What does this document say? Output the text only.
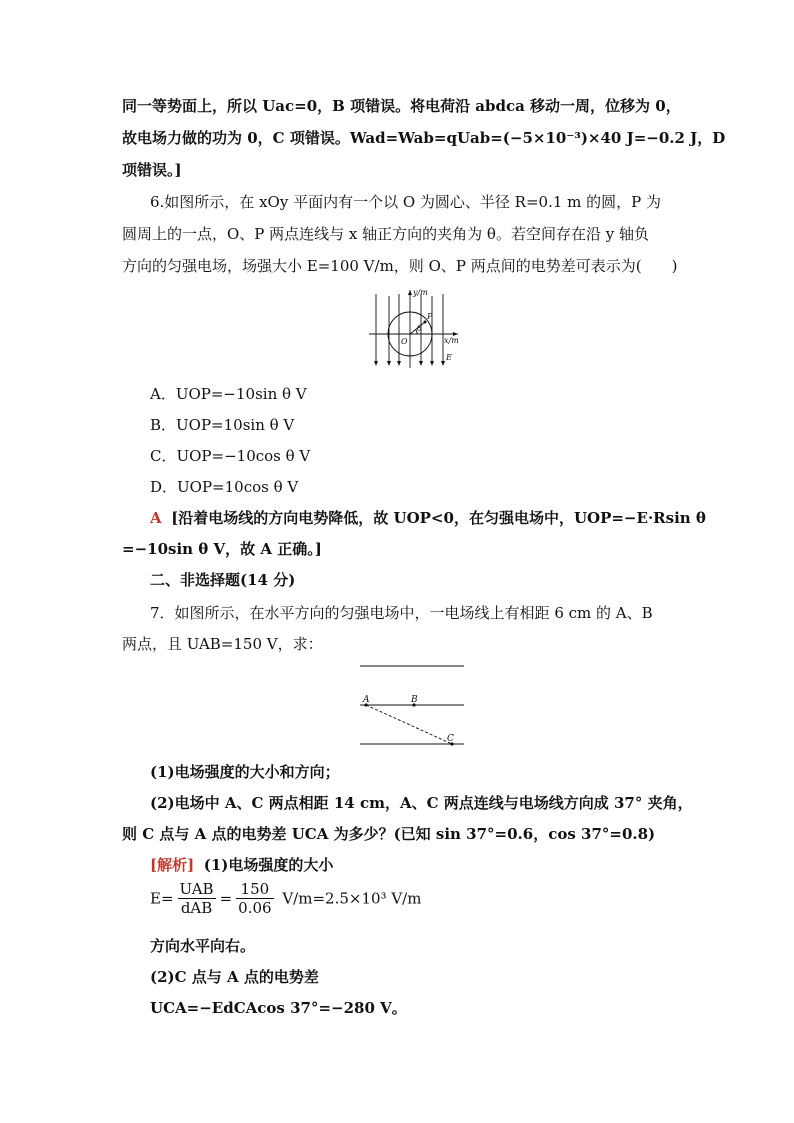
同一等势面上，所以 Uac=0，B 项错误。将电荷沿 abdca 移动一周，位移为 0，
故电场力做的功为 0，C 项错误。Wad=Wab=qUab=(−5×10⁻³)×40 J=−0.2 J，D
项错误。]
6.如图所示，在 xOy 平面内有一个以 O 为圆心、半径 R=0.1 m 的圆，P 为
圆周上的一点，O、P 两点连线与 x 轴正方向的夹角为 θ。若空间存在沿 y 轴负
方向的匀强电场，场强大小 E=100 V/m，则 O、P 两点间的电势差可表示为(　　)
y/m
x/m
P
O
θ
E
A．UOP=−10sin θ V
B．UOP=10sin θ V
C．UOP=−10cos θ V
D．UOP=10cos θ V
A [沿着电场线的方向电势降低，故 UOP<0，在匀强电场中，UOP=−E·Rsin θ
=−10sin θ V，故 A 正确。]
二、非选择题(14 分)
7．如图所示，在水平方向的匀强电场中，一电场线上有相距 6 cm 的 A、B
两点，且 UAB=150 V，求：
A	B
C
(1)电场强度的大小和方向；
(2)电场中 A、C 两点相距 14 cm，A、C 两点连线与电场线方向成 37° 夹角，
则 C 点与 A 点的电势差 UCA 为多少？(已知 sin 37°=0.6，cos 37°=0.8)
[解析] (1)电场强度的大小
$E= \frac{\text{UAB}}{\text{dAB}} = \frac{150}{0.06} V/m=2.5\times 10^3$ V/m
方向水平向右。
(2)C 点与 A 点的电势差
UCA=−EdCAcos 37°=−280 V。
